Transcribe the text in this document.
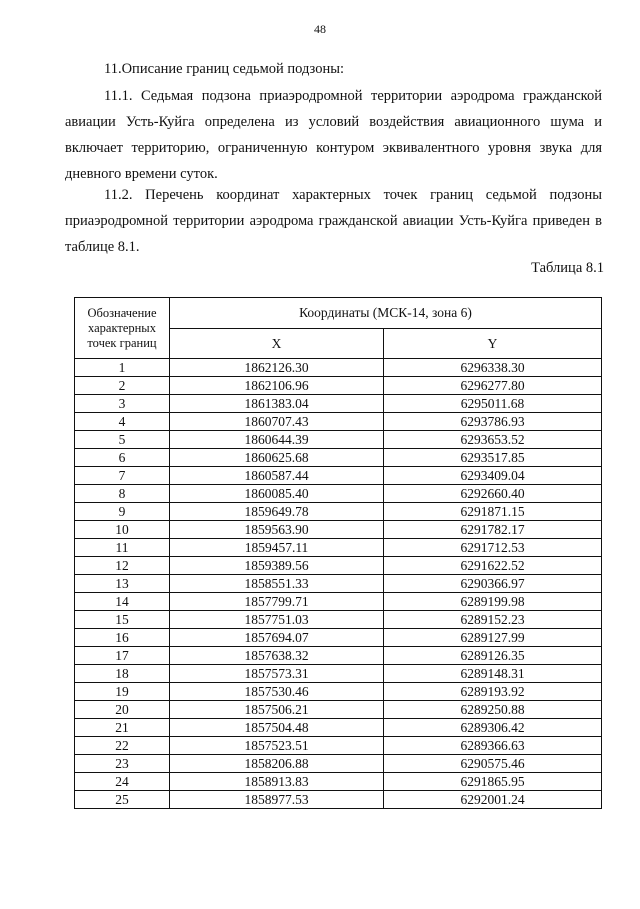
48
11.Описание границ седьмой подзоны:
11.1. Седьмая подзона приаэродромной территории аэродрома гражданской авиации Усть-Куйга определена из условий воздействия авиационного шума и включает территорию, ограниченную контуром эквивалентного уровня звука для дневного времени суток.
11.2. Перечень координат характерных точек границ седьмой подзоны приаэродромной территории аэродрома гражданской авиации Усть-Куйга приведен в таблице 8.1.
Таблица 8.1
Обозначение характерных точек границ	Координаты (МСК-14, зона 6)	
	X	Y
1	1862126.30	6296338.30
2	1862106.96	6296277.80
3	1861383.04	6295011.68
4	1860707.43	6293786.93
5	1860644.39	6293653.52
6	1860625.68	6293517.85
7	1860587.44	6293409.04
8	1860085.40	6292660.40
9	1859649.78	6291871.15
10	1859563.90	6291782.17
11	1859457.11	6291712.53
12	1859389.56	6291622.52
13	1858551.33	6290366.97
14	1857799.71	6289199.98
15	1857751.03	6289152.23
16	1857694.07	6289127.99
17	1857638.32	6289126.35
18	1857573.31	6289148.31
19	1857530.46	6289193.92
20	1857506.21	6289250.88
21	1857504.48	6289306.42
22	1857523.51	6289366.63
23	1858206.88	6290575.46
24	1858913.83	6291865.95
25	1858977.53	6292001.24
